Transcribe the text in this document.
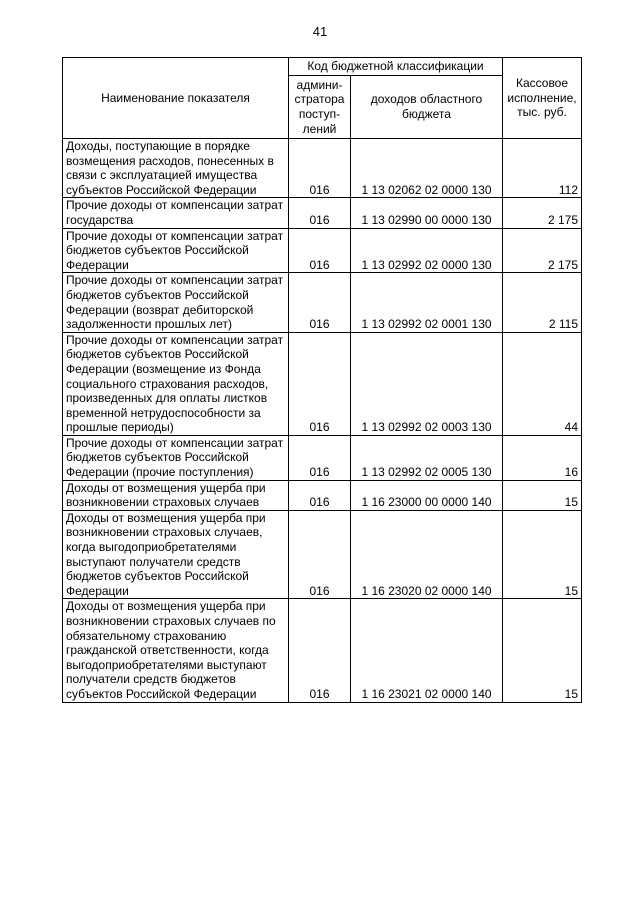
41
Наименование показателя	Код бюджетной классификации		Кассовое исполнение, тыс. руб.
	админи-стратора поступ-лений	доходов областного бюджета	
Доходы, поступающие в порядке возмещения расходов, понесенных в связи с эксплуатацией имущества субъектов Российской Федерации	016	1 13 02062 02 0000 130	112
Прочие доходы от компенсации затрат государства	016	1 13 02990 00 0000 130	2 175
Прочие доходы от компенсации затрат бюджетов субъектов Российской Федерации	016	1 13 02992 02 0000 130	2 175
Прочие доходы от компенсации затрат бюджетов субъектов Российской Федерации (возврат дебиторской задолженности прошлых лет)	016	1 13 02992 02 0001 130	2 115
Прочие доходы от компенсации затрат бюджетов субъектов Российской Федерации (возмещение из Фонда социального страхования расходов, произведенных для оплаты листков временной нетрудоспособности за прошлые периоды)	016	1 13 02992 02 0003 130	44
Прочие доходы от компенсации затрат бюджетов субъектов Российской Федерации (прочие поступления)	016	1 13 02992 02 0005 130	16
Доходы от возмещения ущерба при возникновении страховых случаев	016	1 16 23000 00 0000 140	15
Доходы от возмещения ущерба при возникновении страховых случаев, когда выгодоприобретателями выступают получатели средств бюджетов субъектов Российской Федерации	016	1 16 23020 02 0000 140	15
Доходы от возмещения ущерба при возникновении страховых случаев по обязательному страхованию гражданской ответственности, когда выгодоприобретателями выступают получатели средств бюджетов субъектов Российской Федерации	016	1 16 23021 02 0000 140	15
